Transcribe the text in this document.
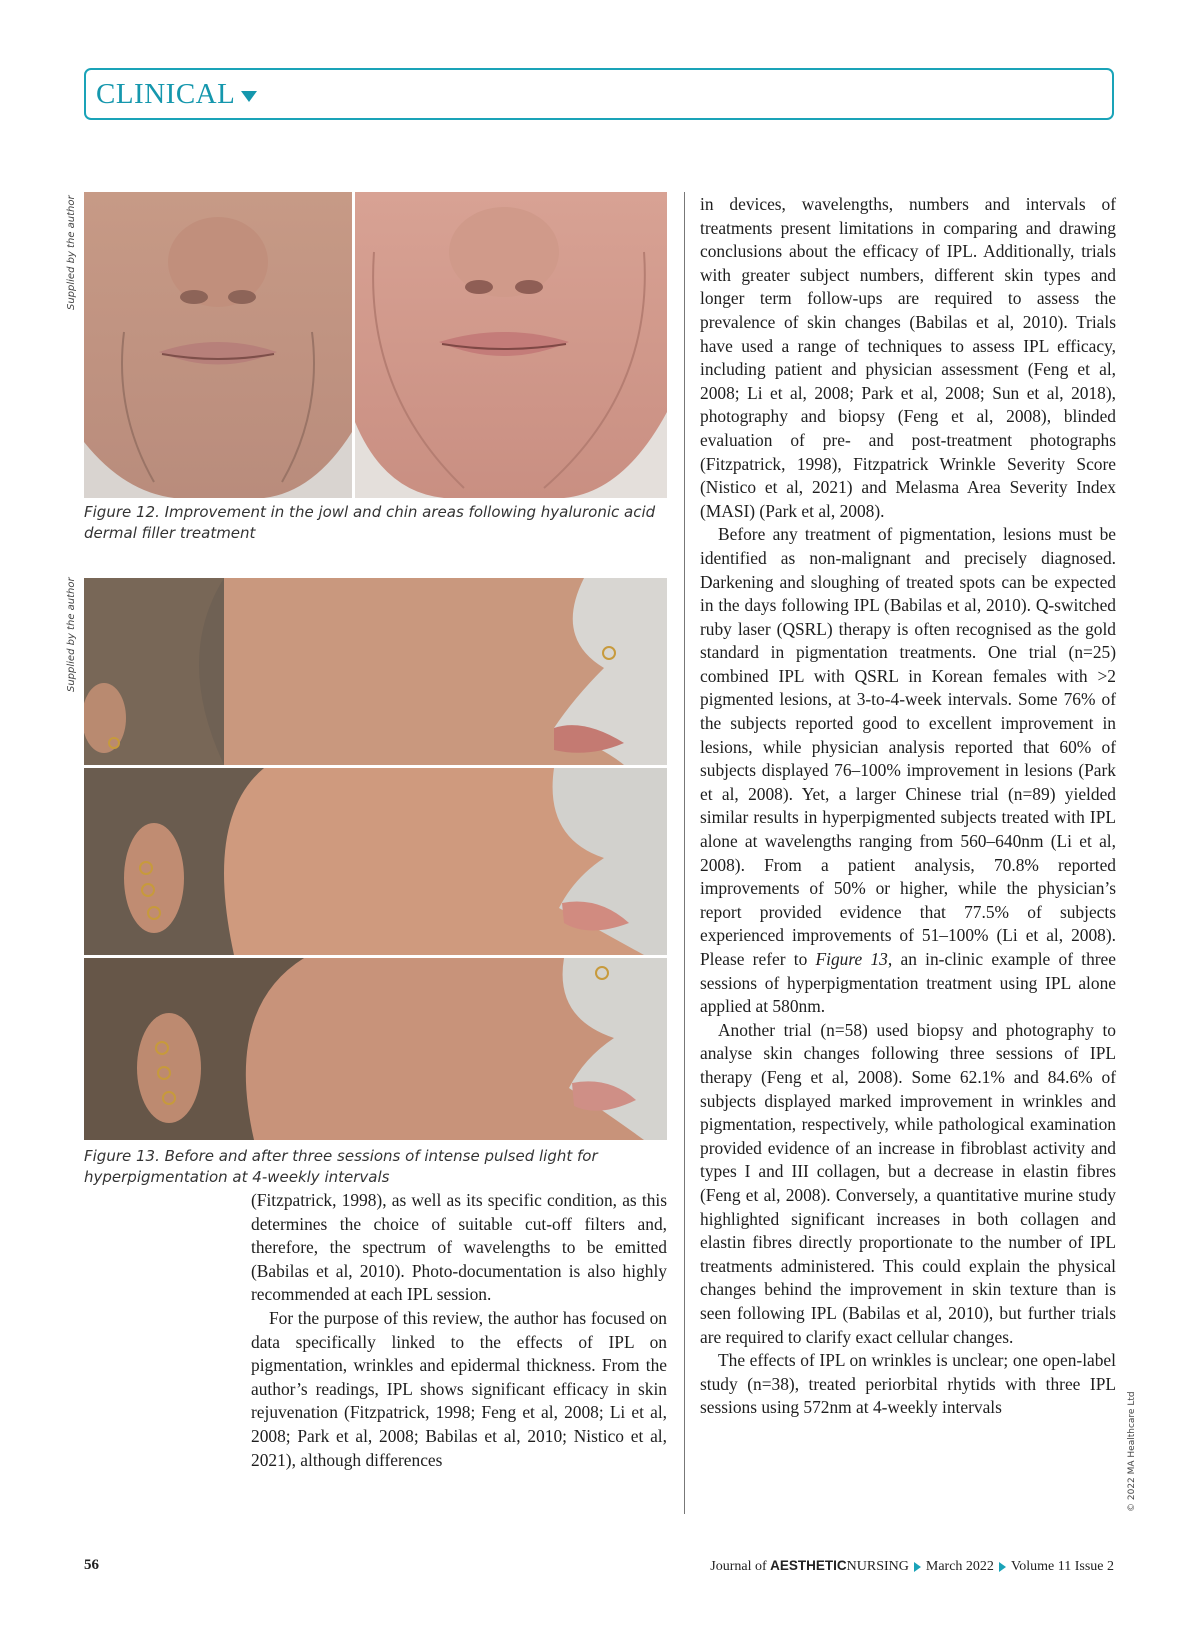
CLINICAL
Supplied by the author
Figure 12. Improvement in the jowl and chin areas following hyaluronic acid
dermal filler treatment
Supplied by the author
Figure 13. Before and after three sessions of intense pulsed light for
hyperpigmentation at 4-weekly intervals

(Fitzpatrick, 1998), as well as its specific condition, as this determines the choice of suitable cut-off filters and, therefore, the spectrum of wavelengths to be emitted (Babilas et al, 2010). Photo-documentation is also highly recommended at each IPL session.

For the purpose of this review, the author has focused on data specifically linked to the effects of IPL on pigmentation, wrinkles and epidermal thickness. From the author’s readings, IPL shows significant efficacy in skin rejuvenation (Fitzpatrick, 1998; Feng et al, 2008; Li et al, 2008; Park et al, 2008; Babilas et al, 2010; Nistico et al, 2021), although differences

in devices, wavelengths, numbers and intervals of treatments present limitations in comparing and drawing conclusions about the efficacy of IPL. Additionally, trials with greater subject numbers, different skin types and longer term follow-ups are required to assess the prevalence of skin changes (Babilas et al, 2010). Trials have used a range of techniques to assess IPL efficacy, including patient and physician assessment (Feng et al, 2008; Li et al, 2008; Park et al, 2008; Sun et al, 2018), photography and biopsy (Feng et al, 2008), blinded evaluation of pre- and post-treatment photographs (Fitzpatrick, 1998), Fitzpatrick Wrinkle Severity Score (Nistico et al, 2021) and Melasma Area Severity Index (MASI) (Park et al, 2008).

Before any treatment of pigmentation, lesions must be identified as non-malignant and precisely diagnosed. Darkening and sloughing of treated spots can be expected in the days following IPL (Babilas et al, 2010). Q-switched ruby laser (QSRL) therapy is often recognised as the gold standard in pigmentation treatments. One trial (n=25) combined IPL with QSRL in Korean females with >2 pigmented lesions, at 3-to-4-week intervals. Some 76% of the subjects reported good to excellent improvement in lesions, while physician analysis reported that 60% of subjects displayed 76–100% improvement in lesions (Park et al, 2008). Yet, a larger Chinese trial (n=89) yielded similar results in hyperpigmented subjects treated with IPL alone at wavelengths ranging from 560–640nm (Li et al, 2008). From a patient analysis, 70.8% reported improvements of 50% or higher, while the physician’s report provided evidence that 77.5% of subjects experienced improvements of 51–100% (Li et al, 2008). Please refer to Figure 13, an in-clinic example of three sessions of hyperpigmentation treatment using IPL alone applied at 580nm.

Another trial (n=58) used biopsy and photography to analyse skin changes following three sessions of IPL therapy (Feng et al, 2008). Some 62.1% and 84.6% of subjects displayed marked improvement in wrinkles and pigmentation, respectively, while pathological examination provided evidence of an increase in fibroblast activity and types I and III collagen, but a decrease in elastin fibres (Feng et al, 2008). Conversely, a quantitative murine study highlighted significant increases in both collagen and elastin fibres directly proportionate to the number of IPL treatments administered. This could explain the physical changes behind the improvement in skin texture than is seen following IPL (Babilas et al, 2010), but further trials are required to clarify exact cellular changes.

The effects of IPL on wrinkles is unclear; one open-label study (n=38), treated periorbital rhytids with three IPL sessions using 572nm at 4-weekly intervals	© 2022 MA Healthcare Ltd
56	Journal of AESTHETICNURSING March 2022 Volume 11 Issue 2
